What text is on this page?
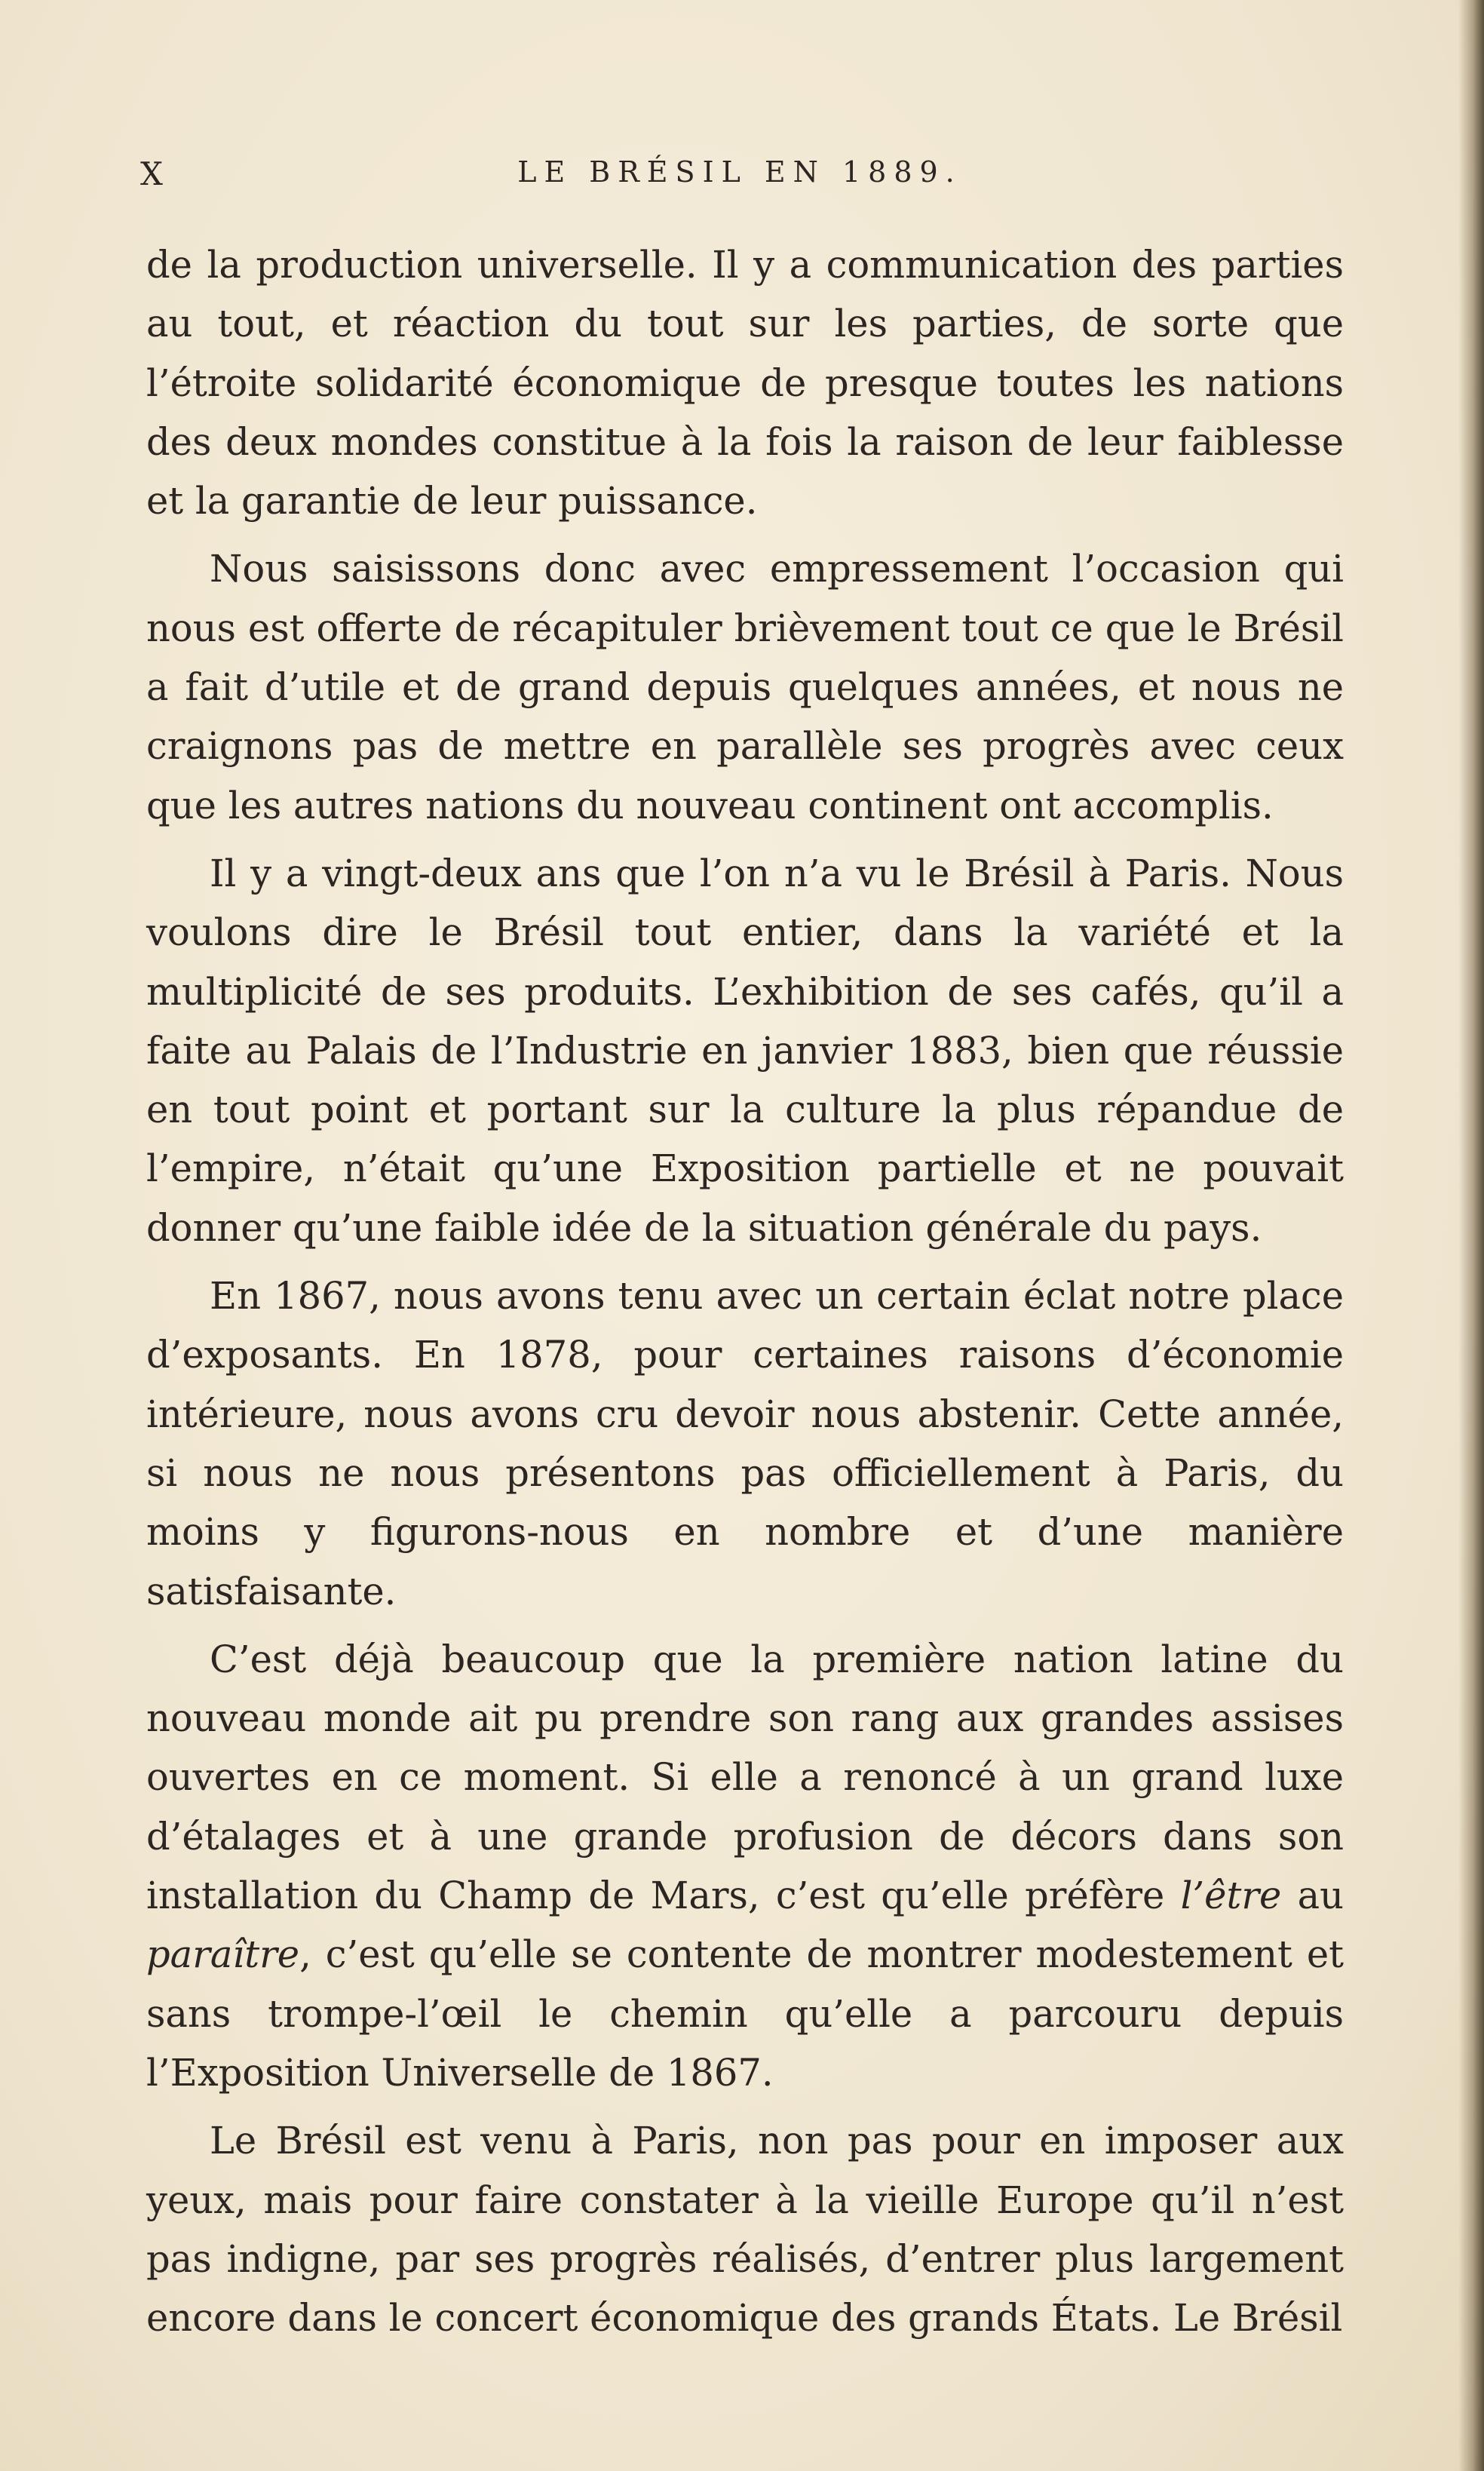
X	LE BRÉSIL EN 1889.

de la production universelle. Il y a communication des parties au tout, et réaction du tout sur les parties, de sorte que l’étroite solidarité économique de presque toutes les nations des deux mondes constitue à la fois la raison de leur faiblesse et la garantie de leur puissance.

Nous saisissons donc avec empressement l’occasion qui nous est offerte de récapituler brièvement tout ce que le Brésil a fait d’utile et de grand depuis quelques années, et nous ne craignons pas de mettre en parallèle ses progrès avec ceux que les autres nations du nouveau continent ont accomplis.

Il y a vingt-deux ans que l’on n’a vu le Brésil à Paris. Nous voulons dire le Brésil tout entier, dans la variété et la multiplicité de ses produits. L’exhibition de ses cafés, qu’il a faite au Palais de l’Industrie en janvier 1883, bien que réussie en tout point et portant sur la culture la plus répandue de l’empire, n’était qu’une Exposition partielle et ne pouvait donner qu’une faible idée de la situation générale du pays.

En 1867, nous avons tenu avec un certain éclat notre place d’exposants. En 1878, pour certaines raisons d’économie intérieure, nous avons cru devoir nous abstenir. Cette année, si nous ne nous présentons pas officiellement à Paris, du moins y figurons-nous en nombre et d’une manière satisfaisante.

C’est déjà beaucoup que la première nation latine du nouveau monde ait pu prendre son rang aux grandes assises ouvertes en ce moment. Si elle a renoncé à un grand luxe d’étalages et à une grande profusion de décors dans son installation du Champ de Mars, c’est qu’elle préfère l’être au paraître, c’est qu’elle se contente de montrer modestement et sans trompe-l’œil le chemin qu’elle a parcouru depuis l’Exposition Universelle de 1867.

Le Brésil est venu à Paris, non pas pour en imposer aux yeux, mais pour faire constater à la vieille Europe qu’il n’est pas indigne, par ses progrès réalisés, d’entrer plus largement encore dans le concert économique des grands États. Le Brésil
